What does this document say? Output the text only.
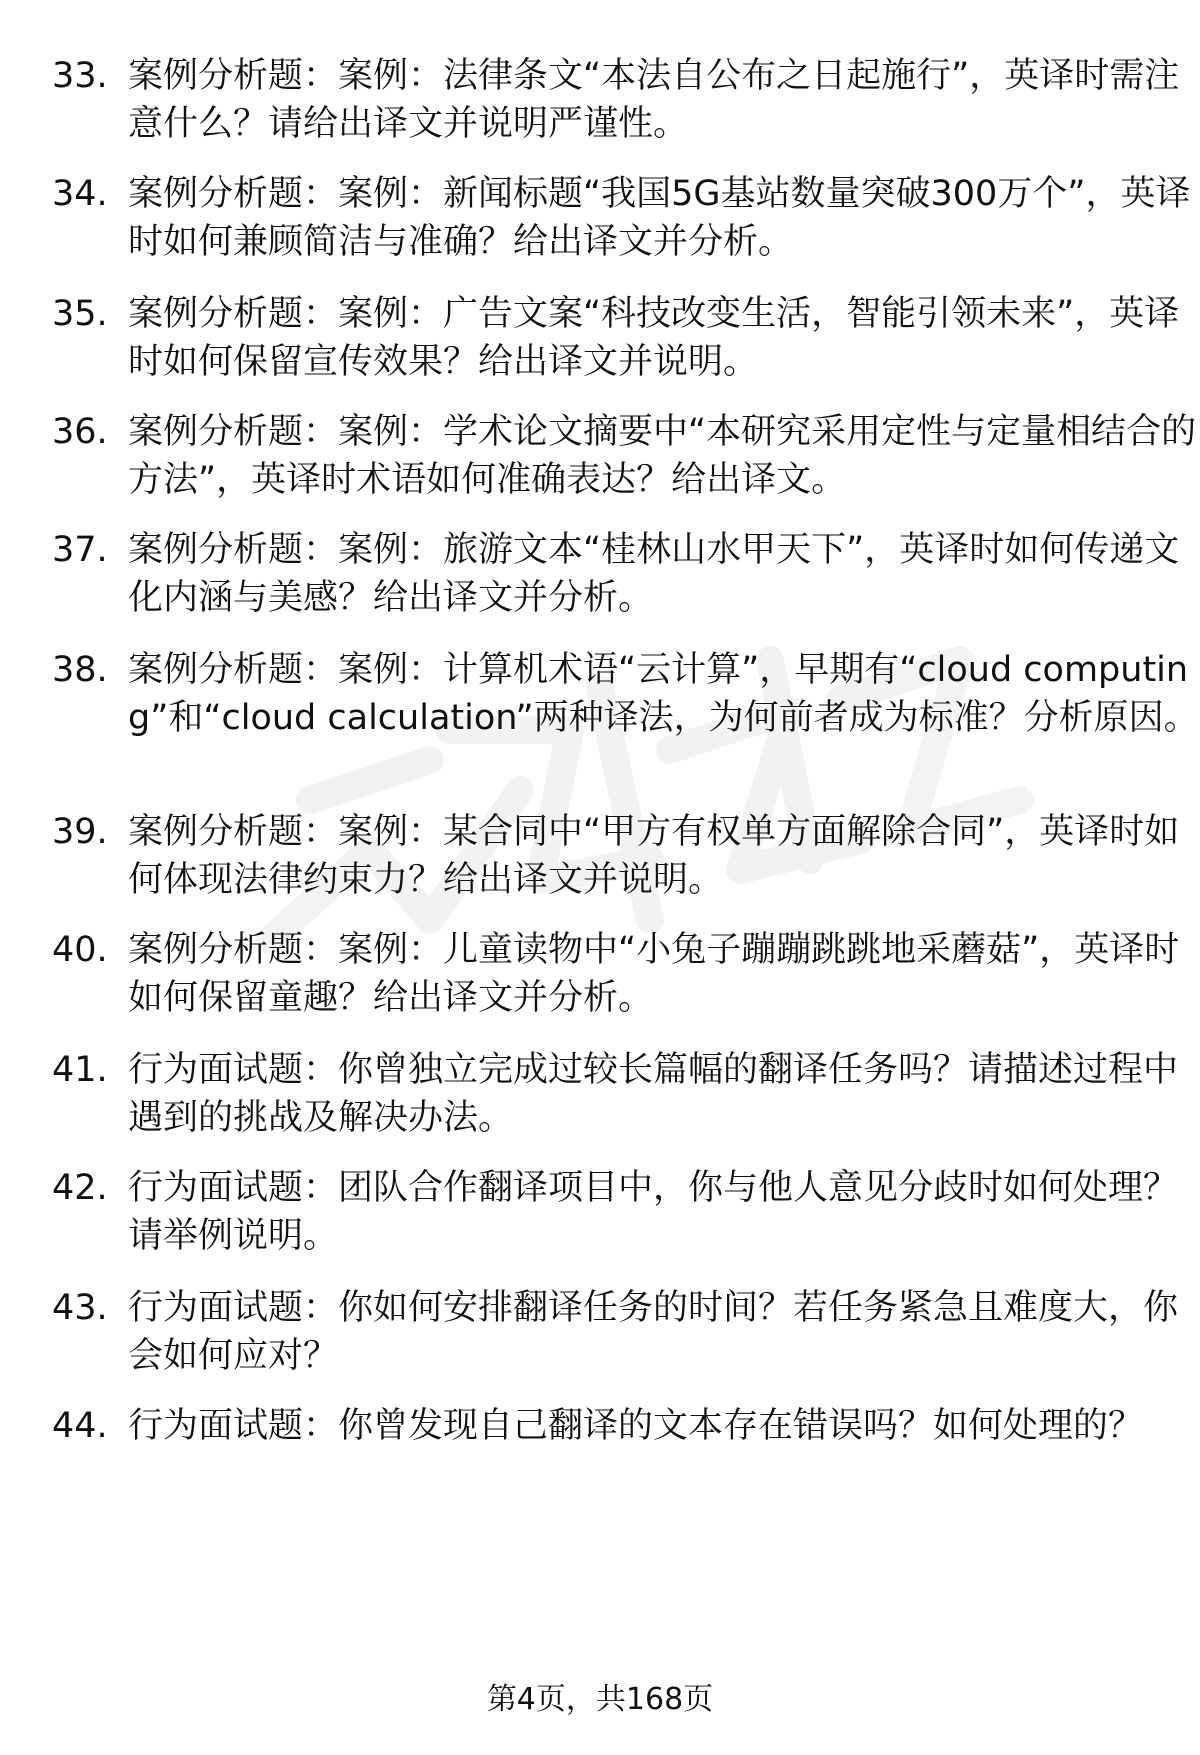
33. 案例分析题：案例：法律条文“本法自公布之日起施行”，英译时需注意什么？请给出译文并说明严谨性。
34. 案例分析题：案例：新闻标题“我国5G基站数量突破300万个”，英译时如何兼顾简洁与准确？给出译文并分析。
35. 案例分析题：案例：广告文案“科技改变生活，智能引领未来”，英译时如何保留宣传效果？给出译文并说明。
36. 案例分析题：案例：学术论文摘要中“本研究采用定性与定量相结合的方法”，英译时术语如何准确表达？给出译文。
37. 案例分析题：案例：旅游文本“桂林山水甲天下”，英译时如何传递文化内涵与美感？给出译文并分析。
38. 案例分析题：案例：计算机术语“云计算”，早期有“cloud computing”和“cloud calculation”两种译法，为何前者成为标准？分析原因。
39. 案例分析题：案例：某合同中“甲方有权单方面解除合同”，英译时如何体现法律约束力？给出译文并说明。
40. 案例分析题：案例：儿童读物中“小兔子蹦蹦跳跳地采蘑菇”，英译时如何保留童趣？给出译文并分析。
41. 行为面试题：你曾独立完成过较长篇幅的翻译任务吗？请描述过程中遇到的挑战及解决办法。
42. 行为面试题：团队合作翻译项目中，你与他人意见分歧时如何处理？请举例说明。
43. 行为面试题：你如何安排翻译任务的时间？若任务紧急且难度大，你会如何应对？
44. 行为面试题：你曾发现自己翻译的文本存在错误吗？如何处理的？
第4页，共168页
